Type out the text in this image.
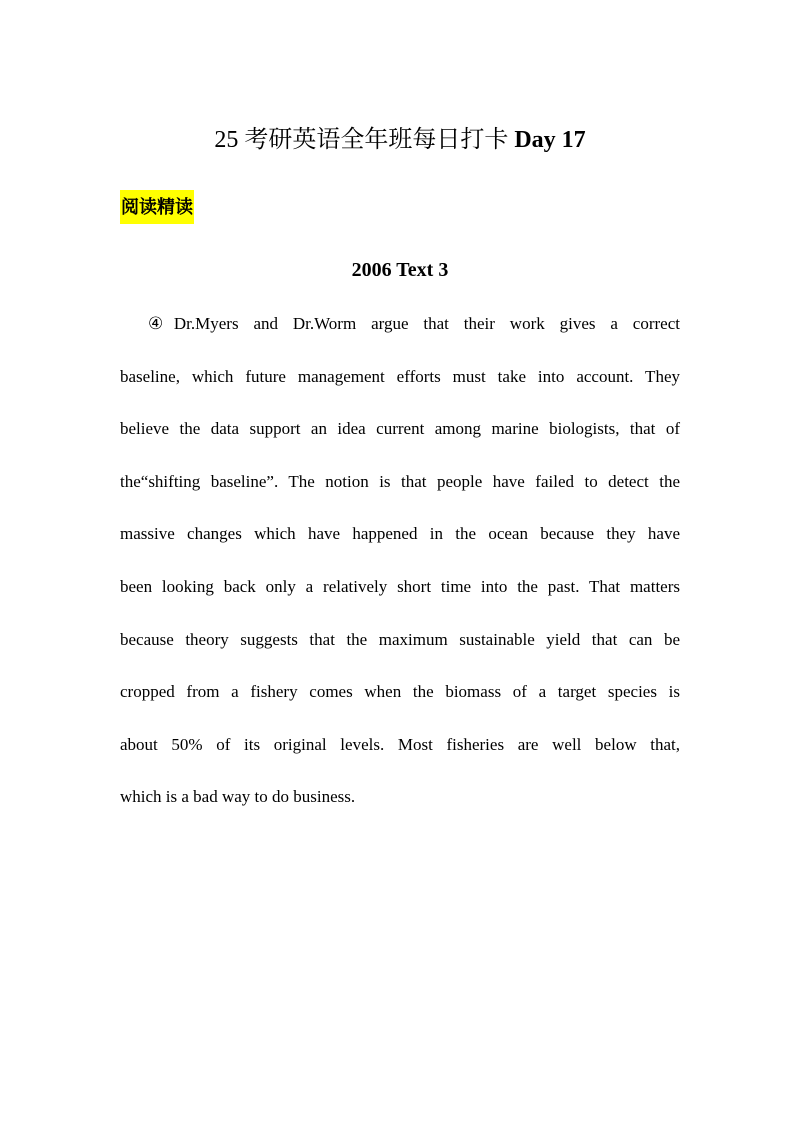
25 考研英语全年班每日打卡 Day 17
阅读精读
2006 Text 3
④Dr.Myers and Dr.Worm argue that their work gives a correct
baseline, which future management efforts must take into account. They
believe the data support an idea current among marine biologists, that of
the“shifting baseline”. The notion is that people have failed to detect the
massive changes which have happened in the ocean because they have
been looking back only a relatively short time into the past. That matters
because theory suggests that the maximum sustainable yield that can be
cropped from a fishery comes when the biomass of a target species is
about 50% of its original levels. Most fisheries are well below that,
which is a bad way to do business.
